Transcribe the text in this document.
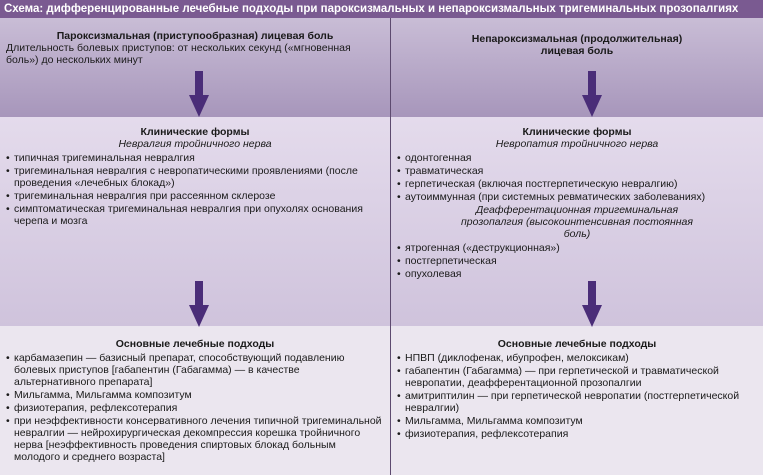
Схема: дифференцированные лечебные подходы при пароксизмальных и непароксизмальных тригеминальных прозопалгиях
Пароксизмальная (приступообразная) лицевая боль
Длительность болевых приступов: от нескольких секунд («мгновенная боль») до нескольких минут
Клинические формы
Невралгия тройничного нерва
• типичная тригеминальная невралгия
• тригеминальная невралгия с невропатическими проявлениями (после проведения «лечебных блокад»)
• тригеминальная невралгия при рассеянном склерозе
• симптоматическая тригеминальная невралгия при опухолях основания черепа и мозга
Основные лечебные подходы
• карбамазепин — базисный препарат, способствующий подавлению болевых приступов [габапентин (Габагамма) — в качестве альтернативного препарата]
• Мильгамма, Мильгамма композитум
• физиотерапия, рефлексотерапия
• при неэффективности консервативного лечения типичной тригеминальной невралгии — нейрохирургическая декомпрессия корешка тройничного нерва [неэффективность проведения спиртовых блокад больным молодого и среднего возраста]
Непароксизмальная (продолжительная) лицевая боль
Клинические формы
Невропатия тройничного нерва
• одонтогенная
• травматическая
• герпетическая (включая постгерпетическую невралгию)
• аутоиммунная (при системных ревматических заболеваниях)
Деафферентационная тригеминальная прозопалгия (высокоинтенсивная постоянная боль)
• ятрогенная («деструкционная»)
• постгерпетическая
• опухолевая
Основные лечебные подходы
• НПВП (диклофенак, ибупрофен, мелоксикам)
• габапентин (Габагамма) — при герпетической и травматической невропатии, деафферентационной прозопалгии
• амитриптилин — при герпетической невропатии (постгерпетической невралгии)
• Мильгамма, Мильгамма композитум
• физиотерапия, рефлексотерапия
